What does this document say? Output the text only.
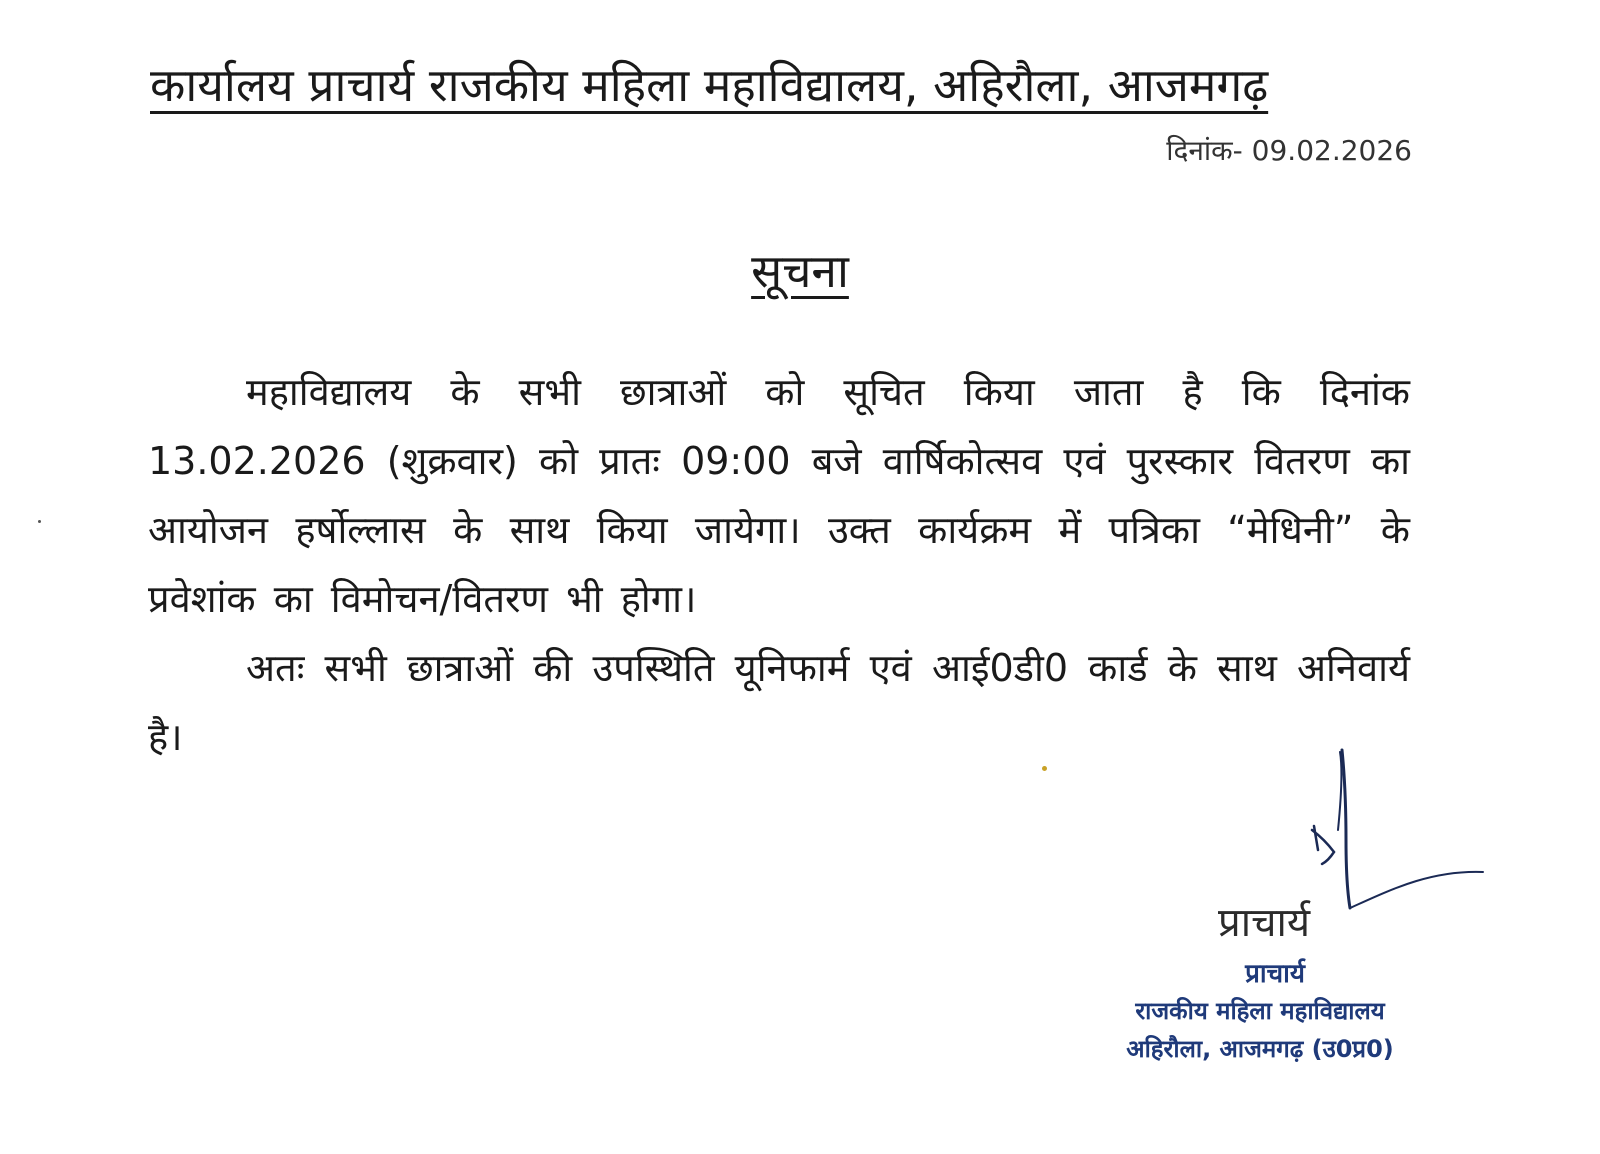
कार्यालय प्राचार्य राजकीय महिला महाविद्यालय, अहिरौला, आजमगढ़
दिनांक- 09.02.2026
सूचना

महाविद्यालय के सभी छात्राओं को सूचित किया जाता है कि दिनांक 13.02.2026 (शुक्रवार) को प्रातः 09:00 बजे वार्षिकोत्सव एवं पुरस्कार वितरण का आयोजन हर्षोल्लास के साथ किया जायेगा। उक्त कार्यक्रम में पत्रिका “मेधिनी” के प्रवेशांक का विमोचन/वितरण भी होगा।

अतः सभी छात्राओं की उपस्थिति यूनिफार्म एवं आई0डी0 कार्ड के साथ अनिवार्य है।

प्राचार्य
प्राचार्य
राजकीय महिला महाविद्यालय
अहिरौला, आजमगढ़ (उ0प्र0)
